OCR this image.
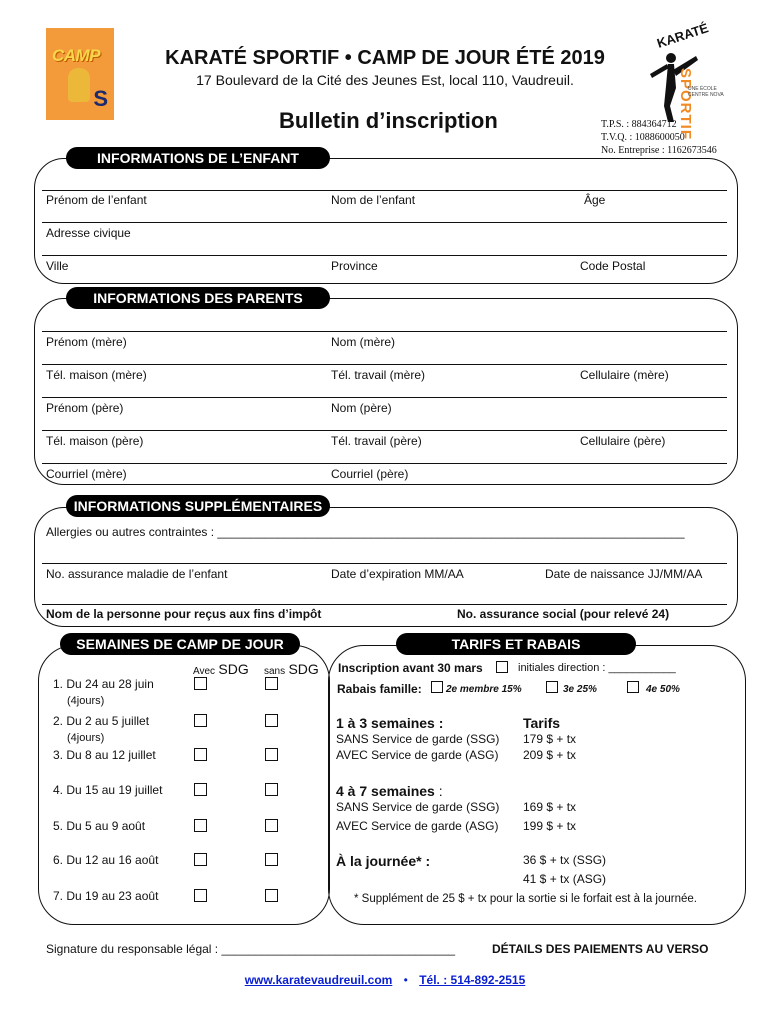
CAMP
S
KARATÉ
SPORTIF
UNE ÉCOLE CENTRE NOVA
KARATÉ SPORTIF • CAMP DE JOUR ÉTÉ 2019
17 Boulevard de la Cité des Jeunes Est, local 110, Vaudreuil.
Bulletin d’inscription	T.P.S. : 884364712
T.V.Q. : 1088600050
No. Entreprise : 1162673546
INFORMATIONS DE L’ENFANT
Prénom de l’enfant	Nom de l’enfant	Âge
Adresse civique
Ville	Province	Code Postal
INFORMATIONS DES PARENTS
Prénom (mère)	Nom (mère)
Tél. maison (mère)	Tél. travail (mère)	Cellulaire (mère)
Prénom (père)	Nom (père)
Tél. maison (père)	Tél. travail (père)	Cellulaire (père)
Courriel (mère)	Courriel (père)
INFORMATIONS SUPPLÉMENTAIRES
Allergies ou autres contraintes : ______________________________________________________________________
No. assurance maladie de l’enfant	Date d’expiration MM/AA	Date de naissance JJ/MM/AA
Nom de la personne pour reçus aux fins d’impôt	No. assurance social (pour relevé 24)
SEMAINES DE CAMP DE JOUR
Avec SDG sans SDG
1. Du 24 au 28 juin
(4jours)
2. Du 2 au 5 juillet
(4jours)
3. Du 8 au 12 juillet
4. Du 15 au 19 juillet
5. Du 5 au 9 août
6. Du 12 au 16 août
7. Du 19 au 23 août
TARIFS ET RABAIS
Inscription avant 30 mars	initiales direction : ___________
Rabais famille: 2e membre 15%	3e 25%	4e 50%
1 à 3 semaines :	Tarifs
SANS Service de garde (SSG) 179 $ + tx
AVEC Service de garde (ASG) 209 $ + tx
4 à 7 semaines :
SANS Service de garde (SSG) 169 $ + tx
AVEC Service de garde (ASG) 199 $ + tx
À la journée* :	36 $ + tx (SSG)
41 $ + tx (ASG)
* Supplément de 25 $ + tx pour la sortie si le forfait est à la journée.
Signature du responsable légal : ___________________________________	DÉTAILS DES PAIEMENTS AU VERSO
www.karatevaudreuil.com • Tél. : 514-892-2515
